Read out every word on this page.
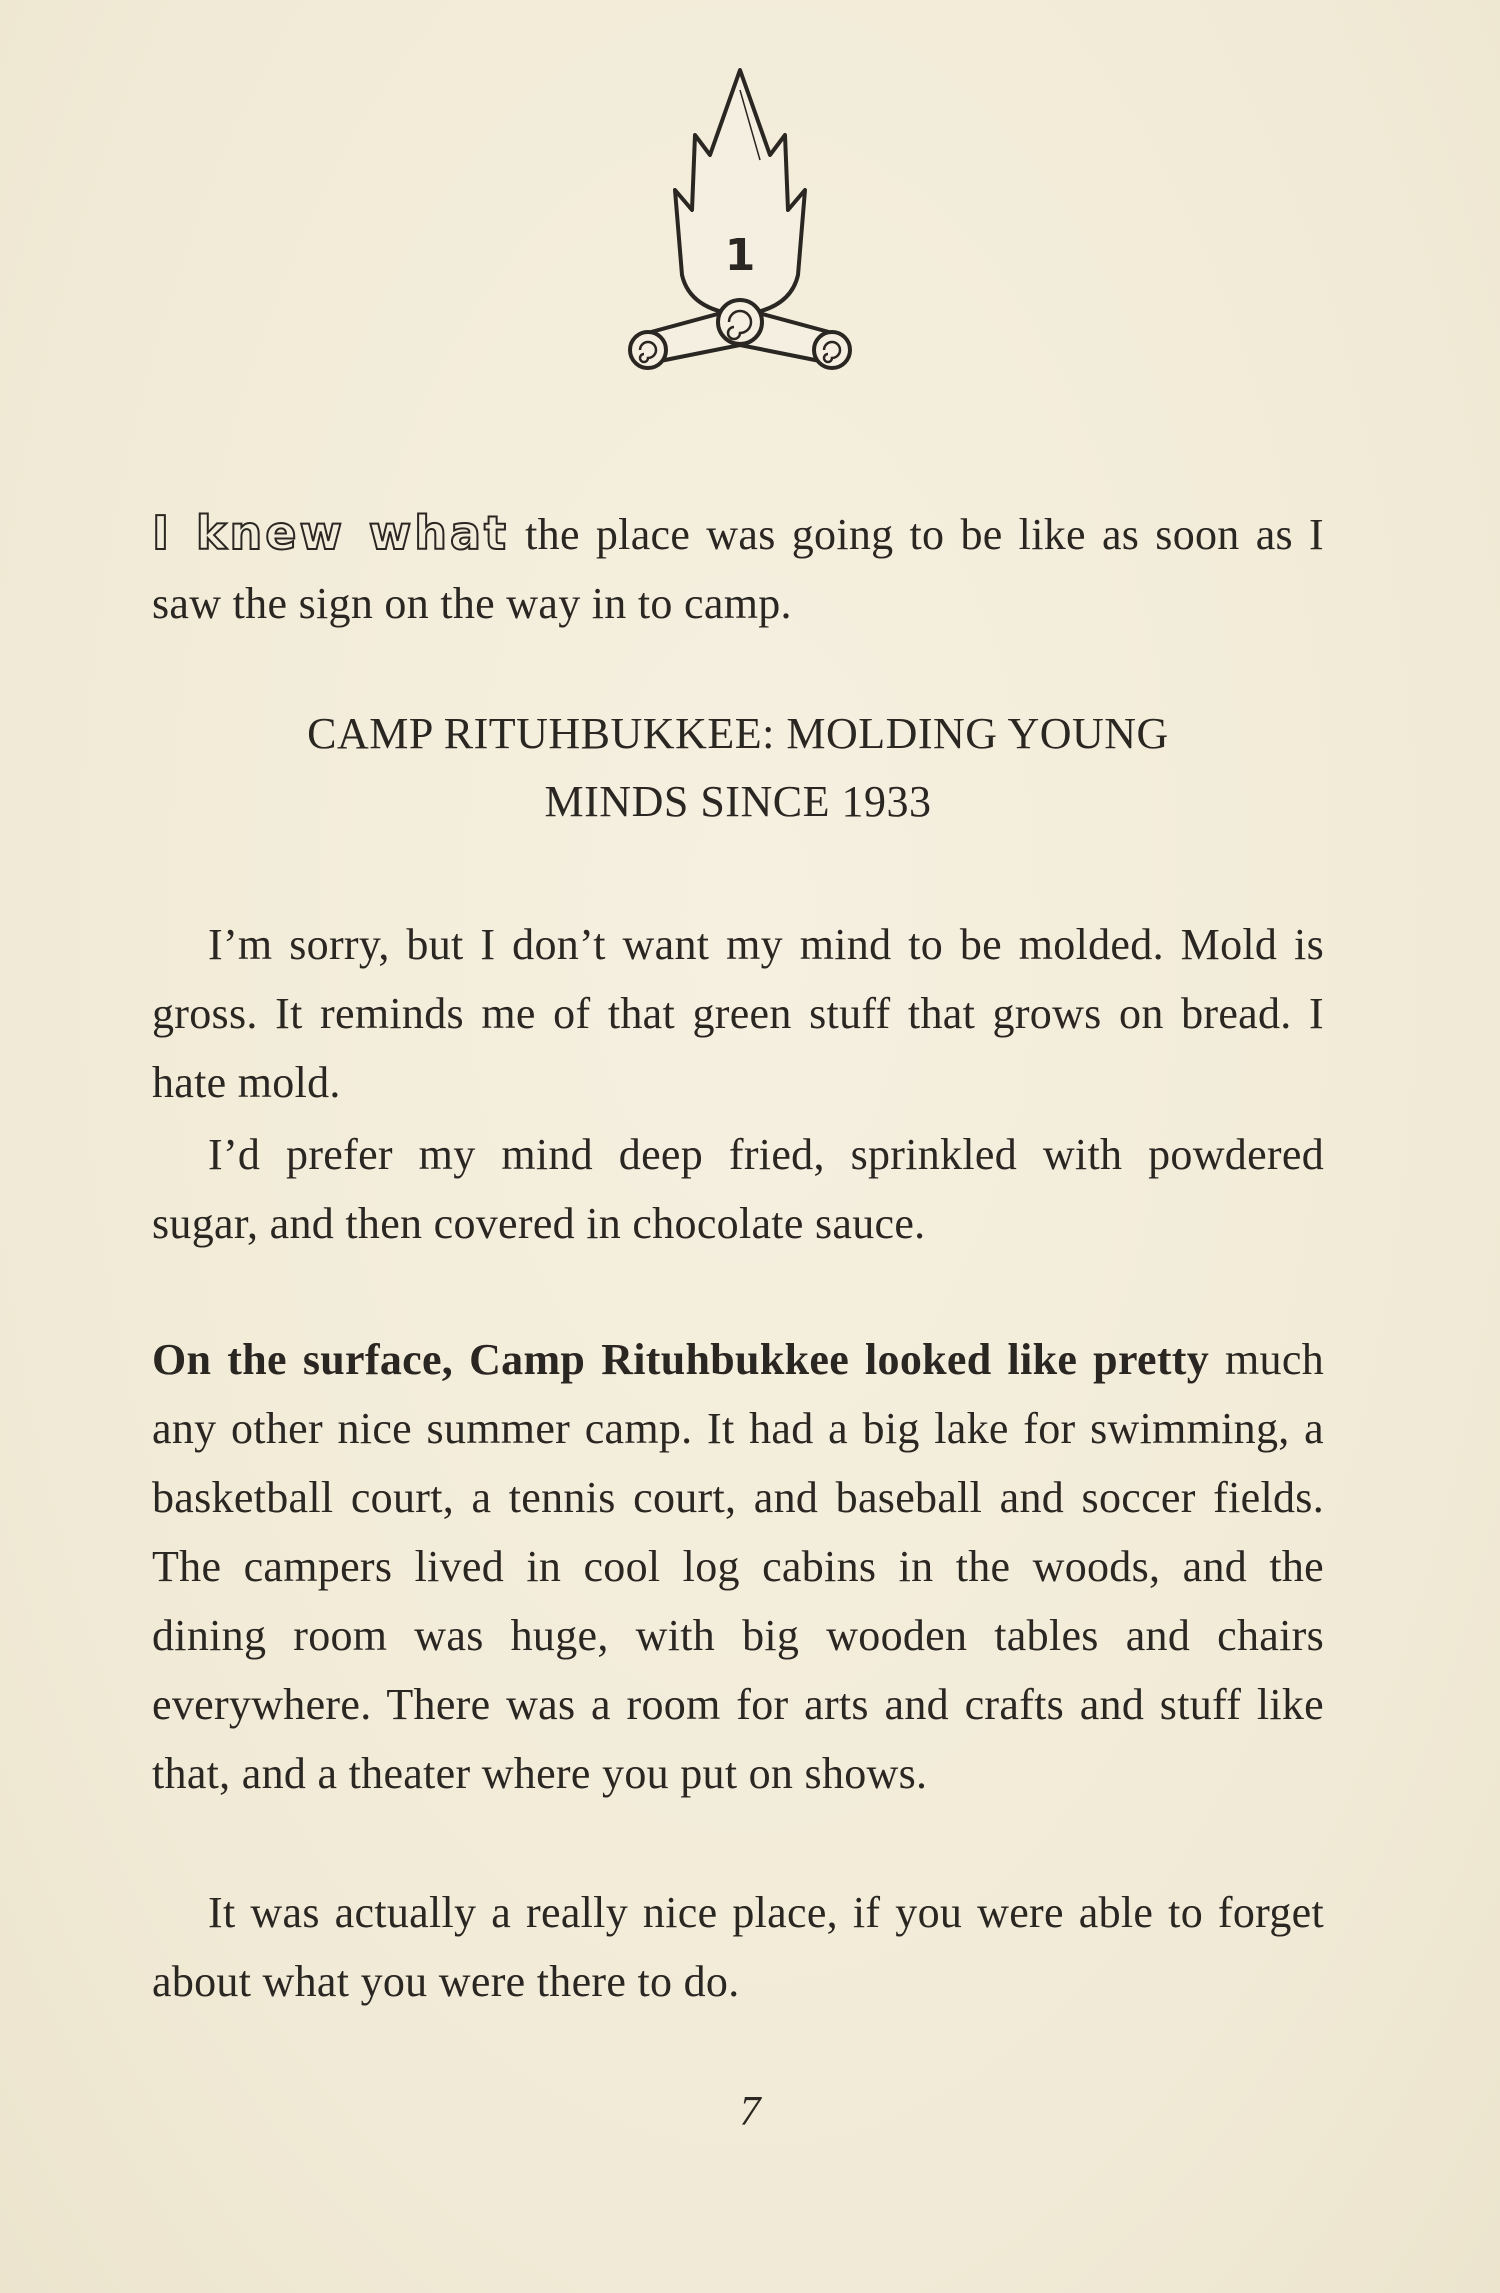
1
I knew what the place was going to be like as soon as I saw the sign on the way in to camp.
CAMP RITUHBUKKEE: MOLDING YOUNG
MINDS SINCE 1933
I’m sorry, but I don’t want my mind to be molded. Mold is gross. It reminds me of that green stuff that grows on bread. I hate mold.
I’d prefer my mind deep fried, sprinkled with powdered sugar, and then covered in chocolate sauce.
On the surface, Camp Rituhbukkee looked like pretty much any other nice summer camp. It had a big lake for swimming, a basketball court, a tennis court, and baseball and soccer fields. The campers lived in cool log cabins in the woods, and the dining room was huge, with big wooden tables and chairs everywhere. There was a room for arts and crafts and stuff like that, and a theater where you put on shows.
It was actually a really nice place, if you were able to forget about what you were there to do.
7
